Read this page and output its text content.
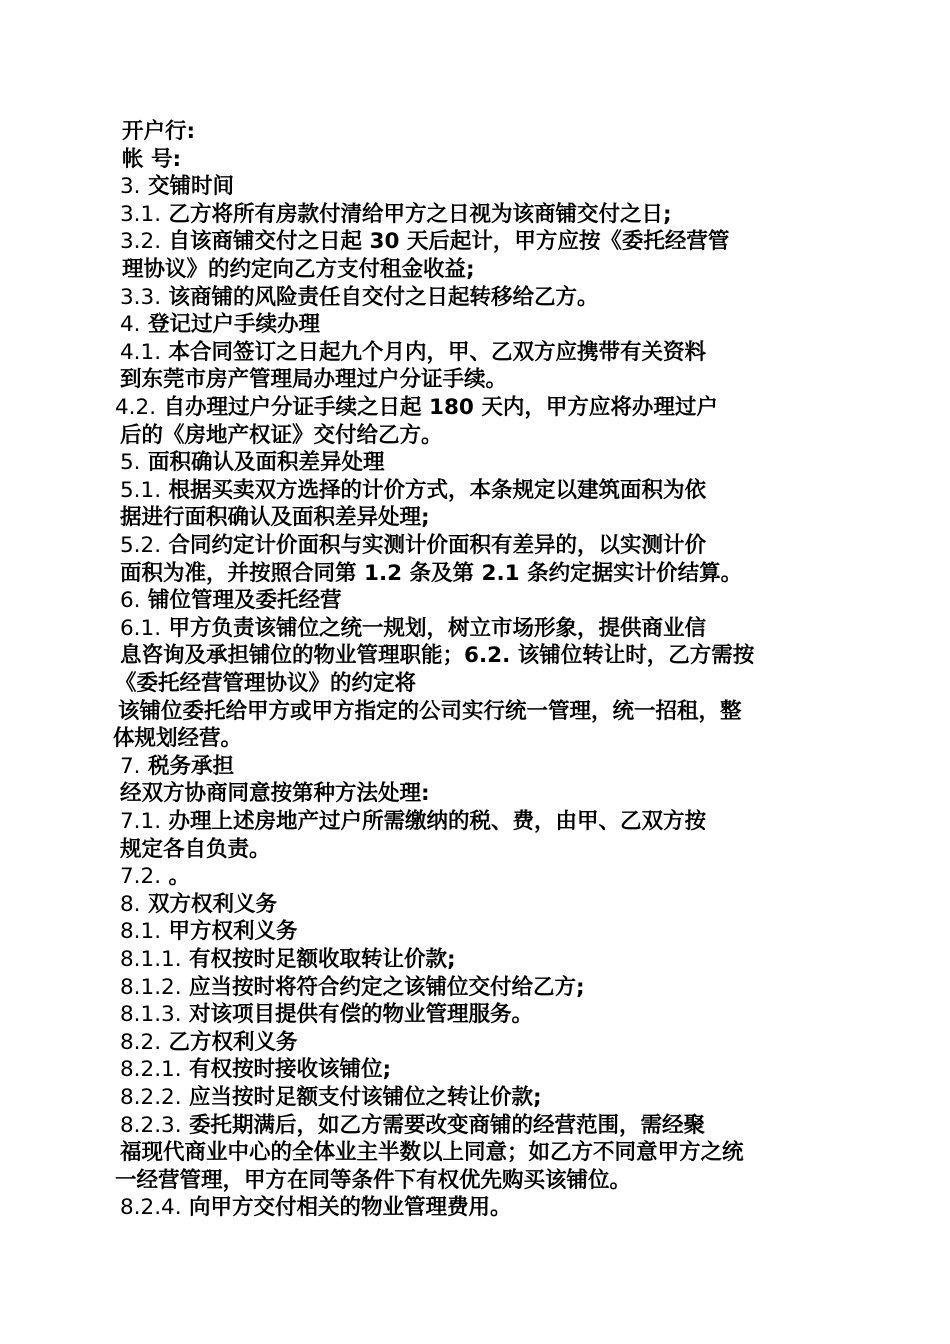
开户行:
帐 号:
3. 交铺时间
3.1. 乙方将所有房款付清给甲方之日视为该商铺交付之日;
3.2. 自该商铺交付之日起 30 天后起计，甲方应按《委托经营管
理协议》的约定向乙方支付租金收益;
3.3. 该商铺的风险责任自交付之日起转移给乙方。
4. 登记过户手续办理
4.1. 本合同签订之日起九个月内，甲、乙双方应携带有关资料
到东莞市房产管理局办理过户分证手续。
4.2. 自办理过户分证手续之日起 180 天内，甲方应将办理过户
后的《房地产权证》交付给乙方。
5. 面积确认及面积差异处理
5.1. 根据买卖双方选择的计价方式，本条规定以建筑面积为依
据进行面积确认及面积差异处理;
5.2. 合同约定计价面积与实测计价面积有差异的，以实测计价
面积为准，并按照合同第 1.2 条及第 2.1 条约定据实计价结算。
6. 铺位管理及委托经营
6.1. 甲方负责该铺位之统一规划，树立市场形象，提供商业信
息咨询及承担铺位的物业管理职能；6.2. 该铺位转让时，乙方需按
《委托经营管理协议》的约定将
该铺位委托给甲方或甲方指定的公司实行统一管理，统一招租，整
体规划经营。
7. 税务承担
经双方协商同意按第种方法处理:
7.1. 办理上述房地产过户所需缴纳的税、费，由甲、乙双方按
规定各自负责。
7.2. 。
8. 双方权利义务
8.1. 甲方权利义务
8.1.1. 有权按时足额收取转让价款;
8.1.2. 应当按时将符合约定之该铺位交付给乙方;
8.1.3. 对该项目提供有偿的物业管理服务。
8.2. 乙方权利义务
8.2.1. 有权按时接收该铺位;
8.2.2. 应当按时足额支付该铺位之转让价款;
8.2.3. 委托期满后，如乙方需要改变商铺的经营范围，需经聚
福现代商业中心的全体业主半数以上同意；如乙方不同意甲方之统
一经营管理，甲方在同等条件下有权优先购买该铺位。
8.2.4. 向甲方交付相关的物业管理费用。
